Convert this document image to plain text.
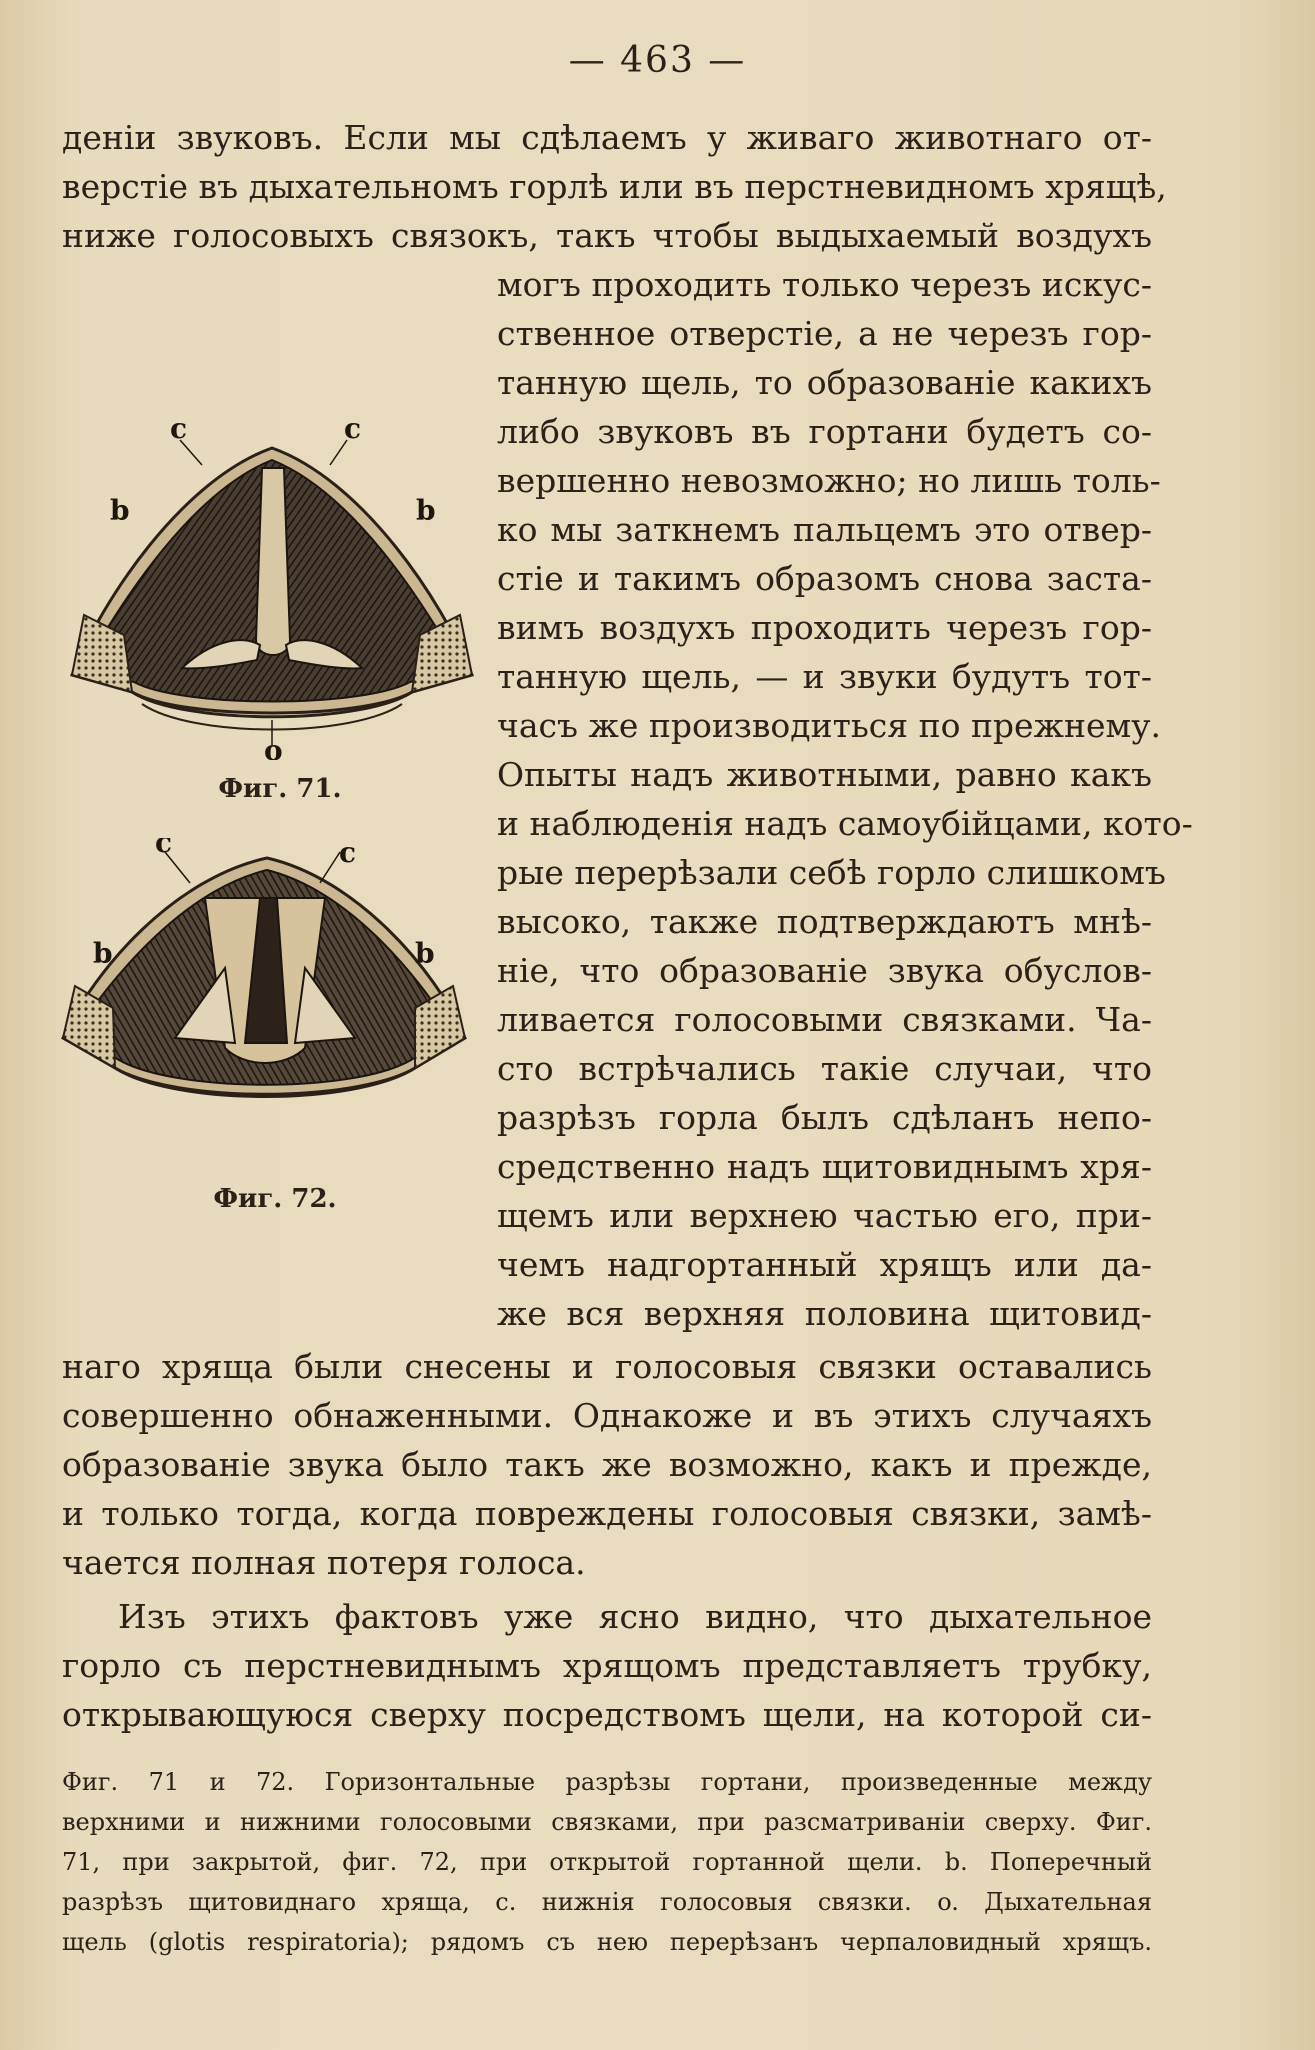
— 463 —
деніи звуковъ. Если мы сдѣлаемъ у живаго животнаго от-
верстіе въ дыхательномъ горлѣ или въ перстневидномъ хрящѣ,
ниже голосовыхъ связокъ, такъ чтобы выдыхаемый воздухъ
могъ проходить только черезъ искус-
ственное отверстіе, а не черезъ гор-
танную щель, то образованіе какихъ
либо звуковъ въ гортани будетъ со-
вершенно невозможно; но лишь толь-
ко мы заткнемъ пальцемъ это отвер-
стіе и такимъ образомъ снова заста-
вимъ воздухъ проходить черезъ гор-
танную щель, — и звуки будутъ тот-
часъ же производиться по прежнему.
Опыты надъ животными, равно какъ
и наблюденія надъ самоубійцами, кото-
рые перерѣзали себѣ горло слишкомъ
высоко, также подтверждаютъ мнѣ-
ніе, что образованіе звука обуслов-
ливается голосовыми связками. Ча-
сто встрѣчались такіе случаи, что
разрѣзъ горла былъ сдѣланъ непо-
средственно надъ щитовиднымъ хря-
щемъ или верхнею частью его, при-
чемъ надгортанный хрящъ или да-
же вся верхняя половина щитовид-
наго хряща были снесены и голосовыя связки оставались
совершенно обнаженными. Однакоже и въ этихъ случаяхъ
образованіе звука было такъ же возможно, какъ и прежде,
и только тогда, когда повреждены голосовыя связки, замѣ-
чается полная потеря голоса.
Изъ этихъ фактовъ уже ясно видно, что дыхательное
горло съ перстневиднымъ хрящомъ представляетъ трубку,
открывающуюся сверху посредствомъ щели, на которой си-
c	c
b	b
o
Фиг. 71.
c	c
b	b
Фиг. 72.
Фиг. 71 и 72. Горизонтальные разрѣзы гортани, произведенные между
верхними и нижними голосовыми связками, при разсматриваніи сверху. Фиг.
71, при закрытой, фиг. 72, при открытой гортанной щели. b. Поперечный
разрѣзъ щитовиднаго хряща, c. нижнія голосовыя связки. o. Дыхательная
щель (glotis respiratoria); рядомъ съ нею перерѣзанъ черпаловидный хрящъ.
